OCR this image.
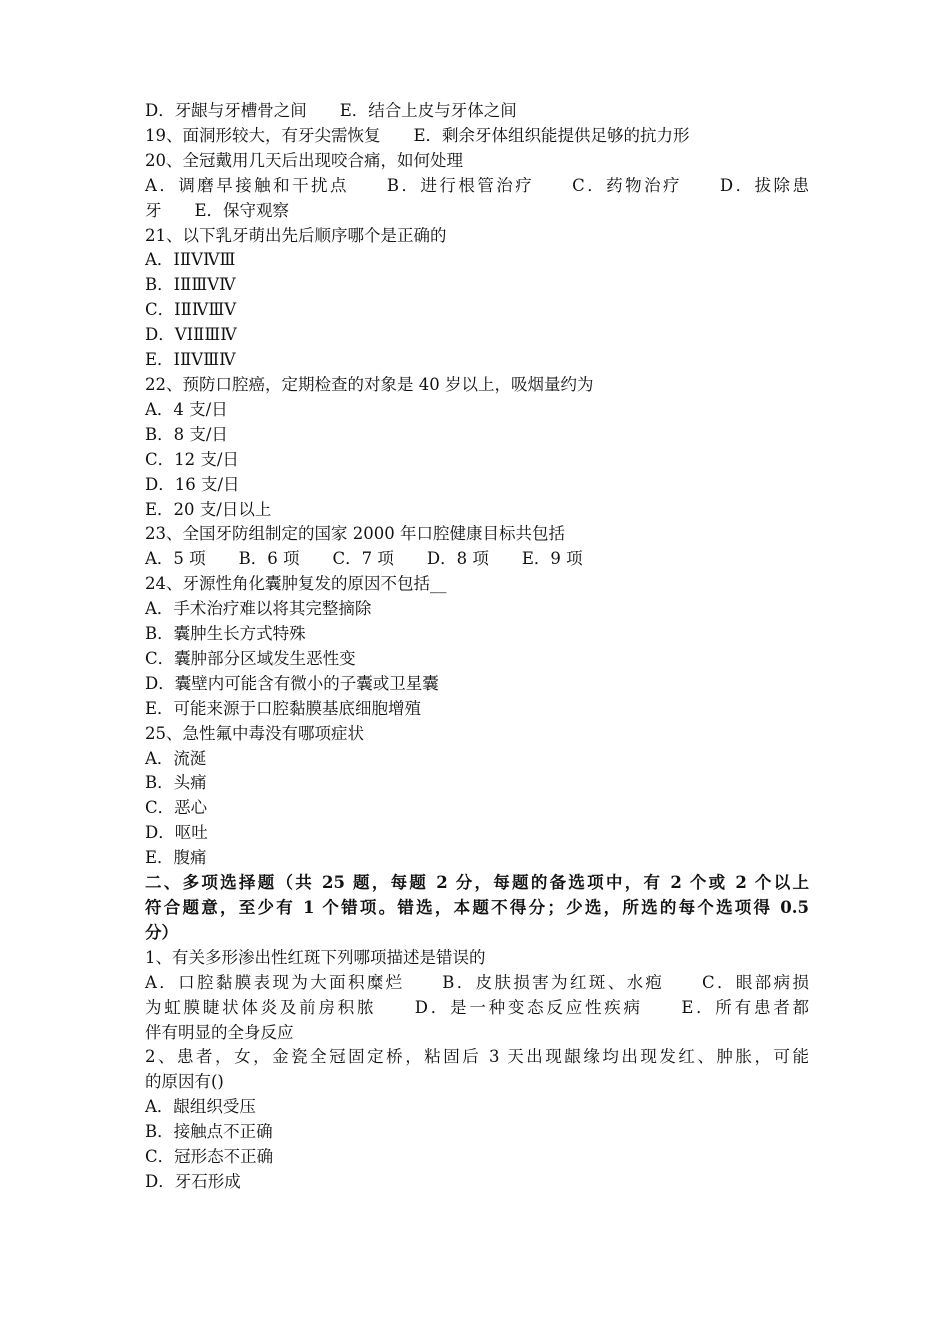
D．牙龈与牙槽骨之间　　E．结合上皮与牙体之间
19、面洞形较大，有牙尖需恢复　　E．剩余牙体组织能提供足够的抗力形
20、全冠戴用几天后出现咬合痛，如何处理
A．调磨早接触和干扰点　　B．进行根管治疗　　C．药物治疗　　D．拔除患
牙　　E．保守观察
21、以下乳牙萌出先后顺序哪个是正确的
A．ⅠⅡⅤⅣⅢ
B．ⅠⅡⅢⅤⅣ
C．ⅠⅡⅣⅢⅤ
D．ⅤⅠⅡⅢⅣ
E．ⅠⅡⅤⅢⅣ
22、预防口腔癌，定期检查的对象是 40 岁以上，吸烟量约为
A．4 支/日
B．8 支/日
C．12 支/日
D．16 支/日
E．20 支/日以上
23、全国牙防组制定的国家 2000 年口腔健康目标共包括
A．5 项　　B．6 项　　C．7 项　　D．8 项　　E．9 项
24、牙源性角化囊肿复发的原因不包括__
A．手术治疗难以将其完整摘除
B．囊肿生长方式特殊
C．囊肿部分区域发生恶性变
D．囊壁内可能含有微小的子囊或卫星囊
E．可能来源于口腔黏膜基底细胞增殖
25、急性氟中毒没有哪项症状
A．流涎
B．头痛
C．恶心
D．呕吐
E．腹痛
二、多项选择题（共 25 题，每题 2 分，每题的备选项中，有 2 个或 2 个以上
符合题意，至少有 1 个错项。错选，本题不得分；少选，所选的每个选项得 0.5
分）
1、有关多形渗出性红斑下列哪项描述是错误的
A．口腔黏膜表现为大面积糜烂　　B．皮肤损害为红斑、水疱　　C．眼部病损
为虹膜睫状体炎及前房积脓　　D．是一种变态反应性疾病　　E．所有患者都
伴有明显的全身反应
2、患者，女，金瓷全冠固定桥，粘固后 3 天出现龈缘均出现发红、肿胀，可能
的原因有()
A．龈组织受压
B．接触点不正确
C．冠形态不正确
D．牙石形成
